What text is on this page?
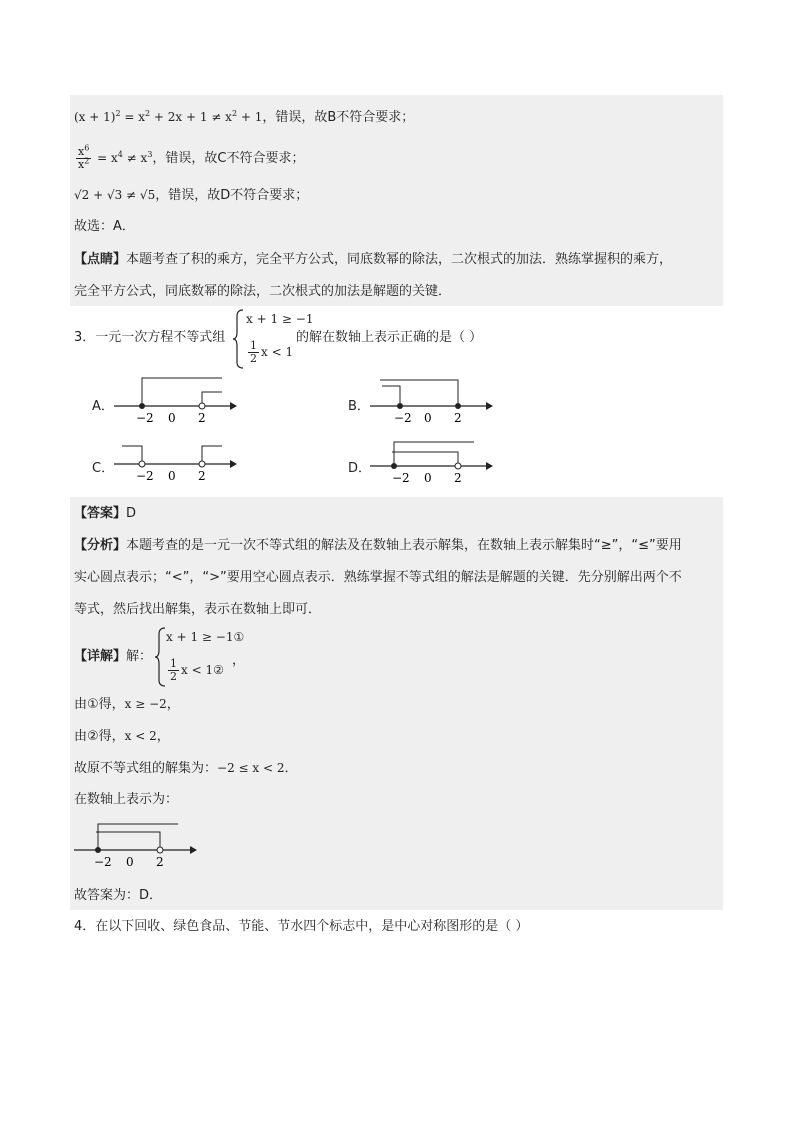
$(x + 1)^2 = x^2 + 2x + 1 \ne x^2 + 1$，错误，故B不符合要求；
$\frac{x^6}{x^2} = x^4 \ne x^3$，错误，故C不符合要求；
√2 + √3 ≠ √5，错误，故D不符合要求；
故选：A．
【点睛】本题考查了积的乘方，完全平方公式，同底数幂的除法，二次根式的加法．熟练掌握积的乘方，
完全平方公式，同底数幂的除法，二次根式的加法是解题的关键．
3．一元一次方程不等式组
x + 1 ≥ −1
$\frac{1}{2}$ x < 1
的解在数轴上表示正确的是（ ）
A．
−2 0 2
B．
−2 0 2
C． −2 0 2	D．
−2 0 2
【答案】D
【分析】本题考查的是一元一次不等式组的解法及在数轴上表示解集，在数轴上表示解集时“≥”，“≤”要用
实心圆点表示；“<”，“>”要用空心圆点表示．熟练掌握不等式组的解法是解题的关键．先分别解出两个不
等式，然后找出解集，表示在数轴上即可．
【详解】解：
x + 1 ≥ −1①
$\frac{1}{2}$ x < 1②
，
由①得，x ≥ −2，
由②得，x < 2，
故原不等式组的解集为：−2 ≤ x < 2．
在数轴上表示为：
−2 0 2
故答案为：D．
4．在以下回收、绿色食品、节能、节水四个标志中，是中心对称图形的是（ ）
